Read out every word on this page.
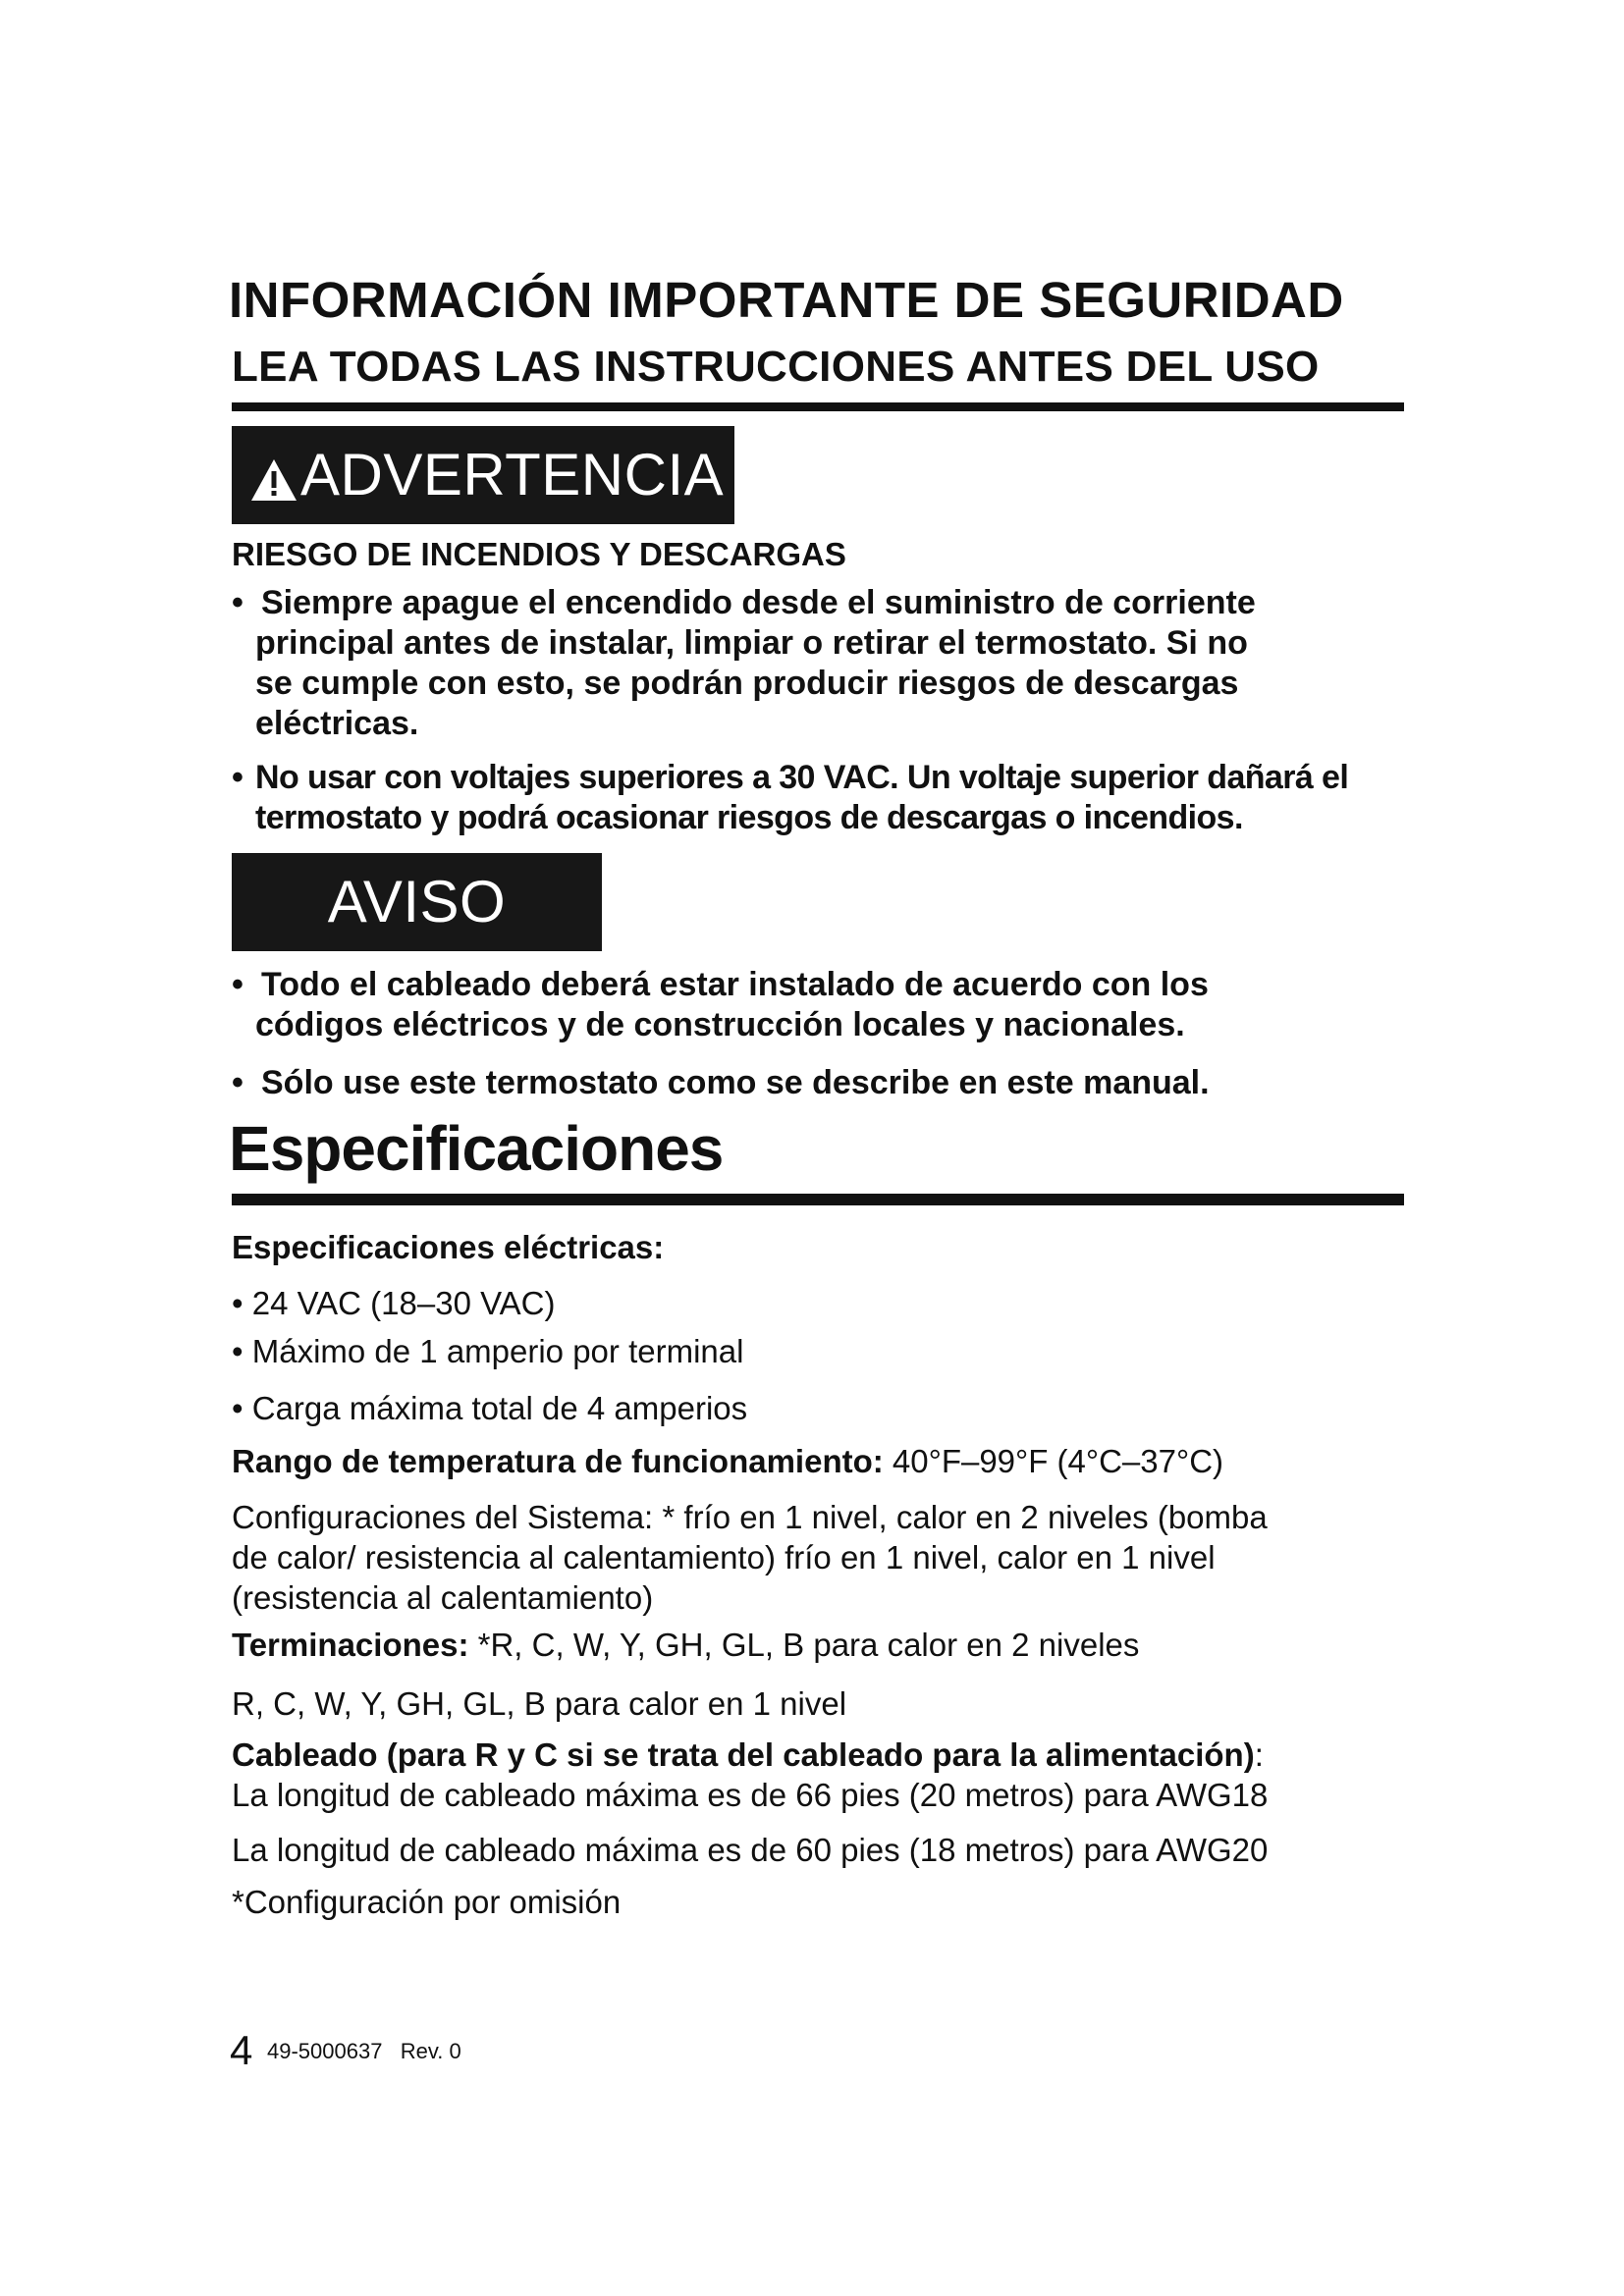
INFORMACIÓN IMPORTANTE DE SEGURIDAD
LEA TODAS LAS INSTRUCCIONES ANTES DEL USO
ADVERTENCIA
RIESGO DE INCENDIOS Y DESCARGAS
• Siempre apague el encendido desde el suministro de corriente
principal antes de instalar, limpiar o retirar el termostato. Si no
se cumple con esto, se podrán producir riesgos de descargas
eléctricas.
• No usar con voltajes superiores a 30 VAC. Un voltaje superior dañará el
termostato y podrá ocasionar riesgos de descargas o incendios.
AVISO
• Todo el cableado deberá estar instalado de acuerdo con los
códigos eléctricos y de construcción locales y nacionales.
• Sólo use este termostato como se describe en este manual.
Especificaciones
Especificaciones eléctricas:
• 24 VAC (18–30 VAC)
• Máximo de 1 amperio por terminal
• Carga máxima total de 4 amperios
Rango de temperatura de funcionamiento: 40°F–99°F (4°C–37°C)
Configuraciones del Sistema: * frío en 1 nivel, calor en 2 niveles (bomba
de calor/ resistencia al calentamiento) frío en 1 nivel, calor en 1 nivel
(resistencia al calentamiento)
Terminaciones: *R, C, W, Y, GH, GL, B para calor en 2 niveles
R, C, W, Y, GH, GL, B para calor en 1 nivel
Cableado (para R y C si se trata del cableado para la alimentación):
La longitud de cableado máxima es de 66 pies (20 metros) para AWG18
La longitud de cableado máxima es de 60 pies (18 metros) para AWG20
*Configuración por omisión
4 49-5000637   Rev. 0
